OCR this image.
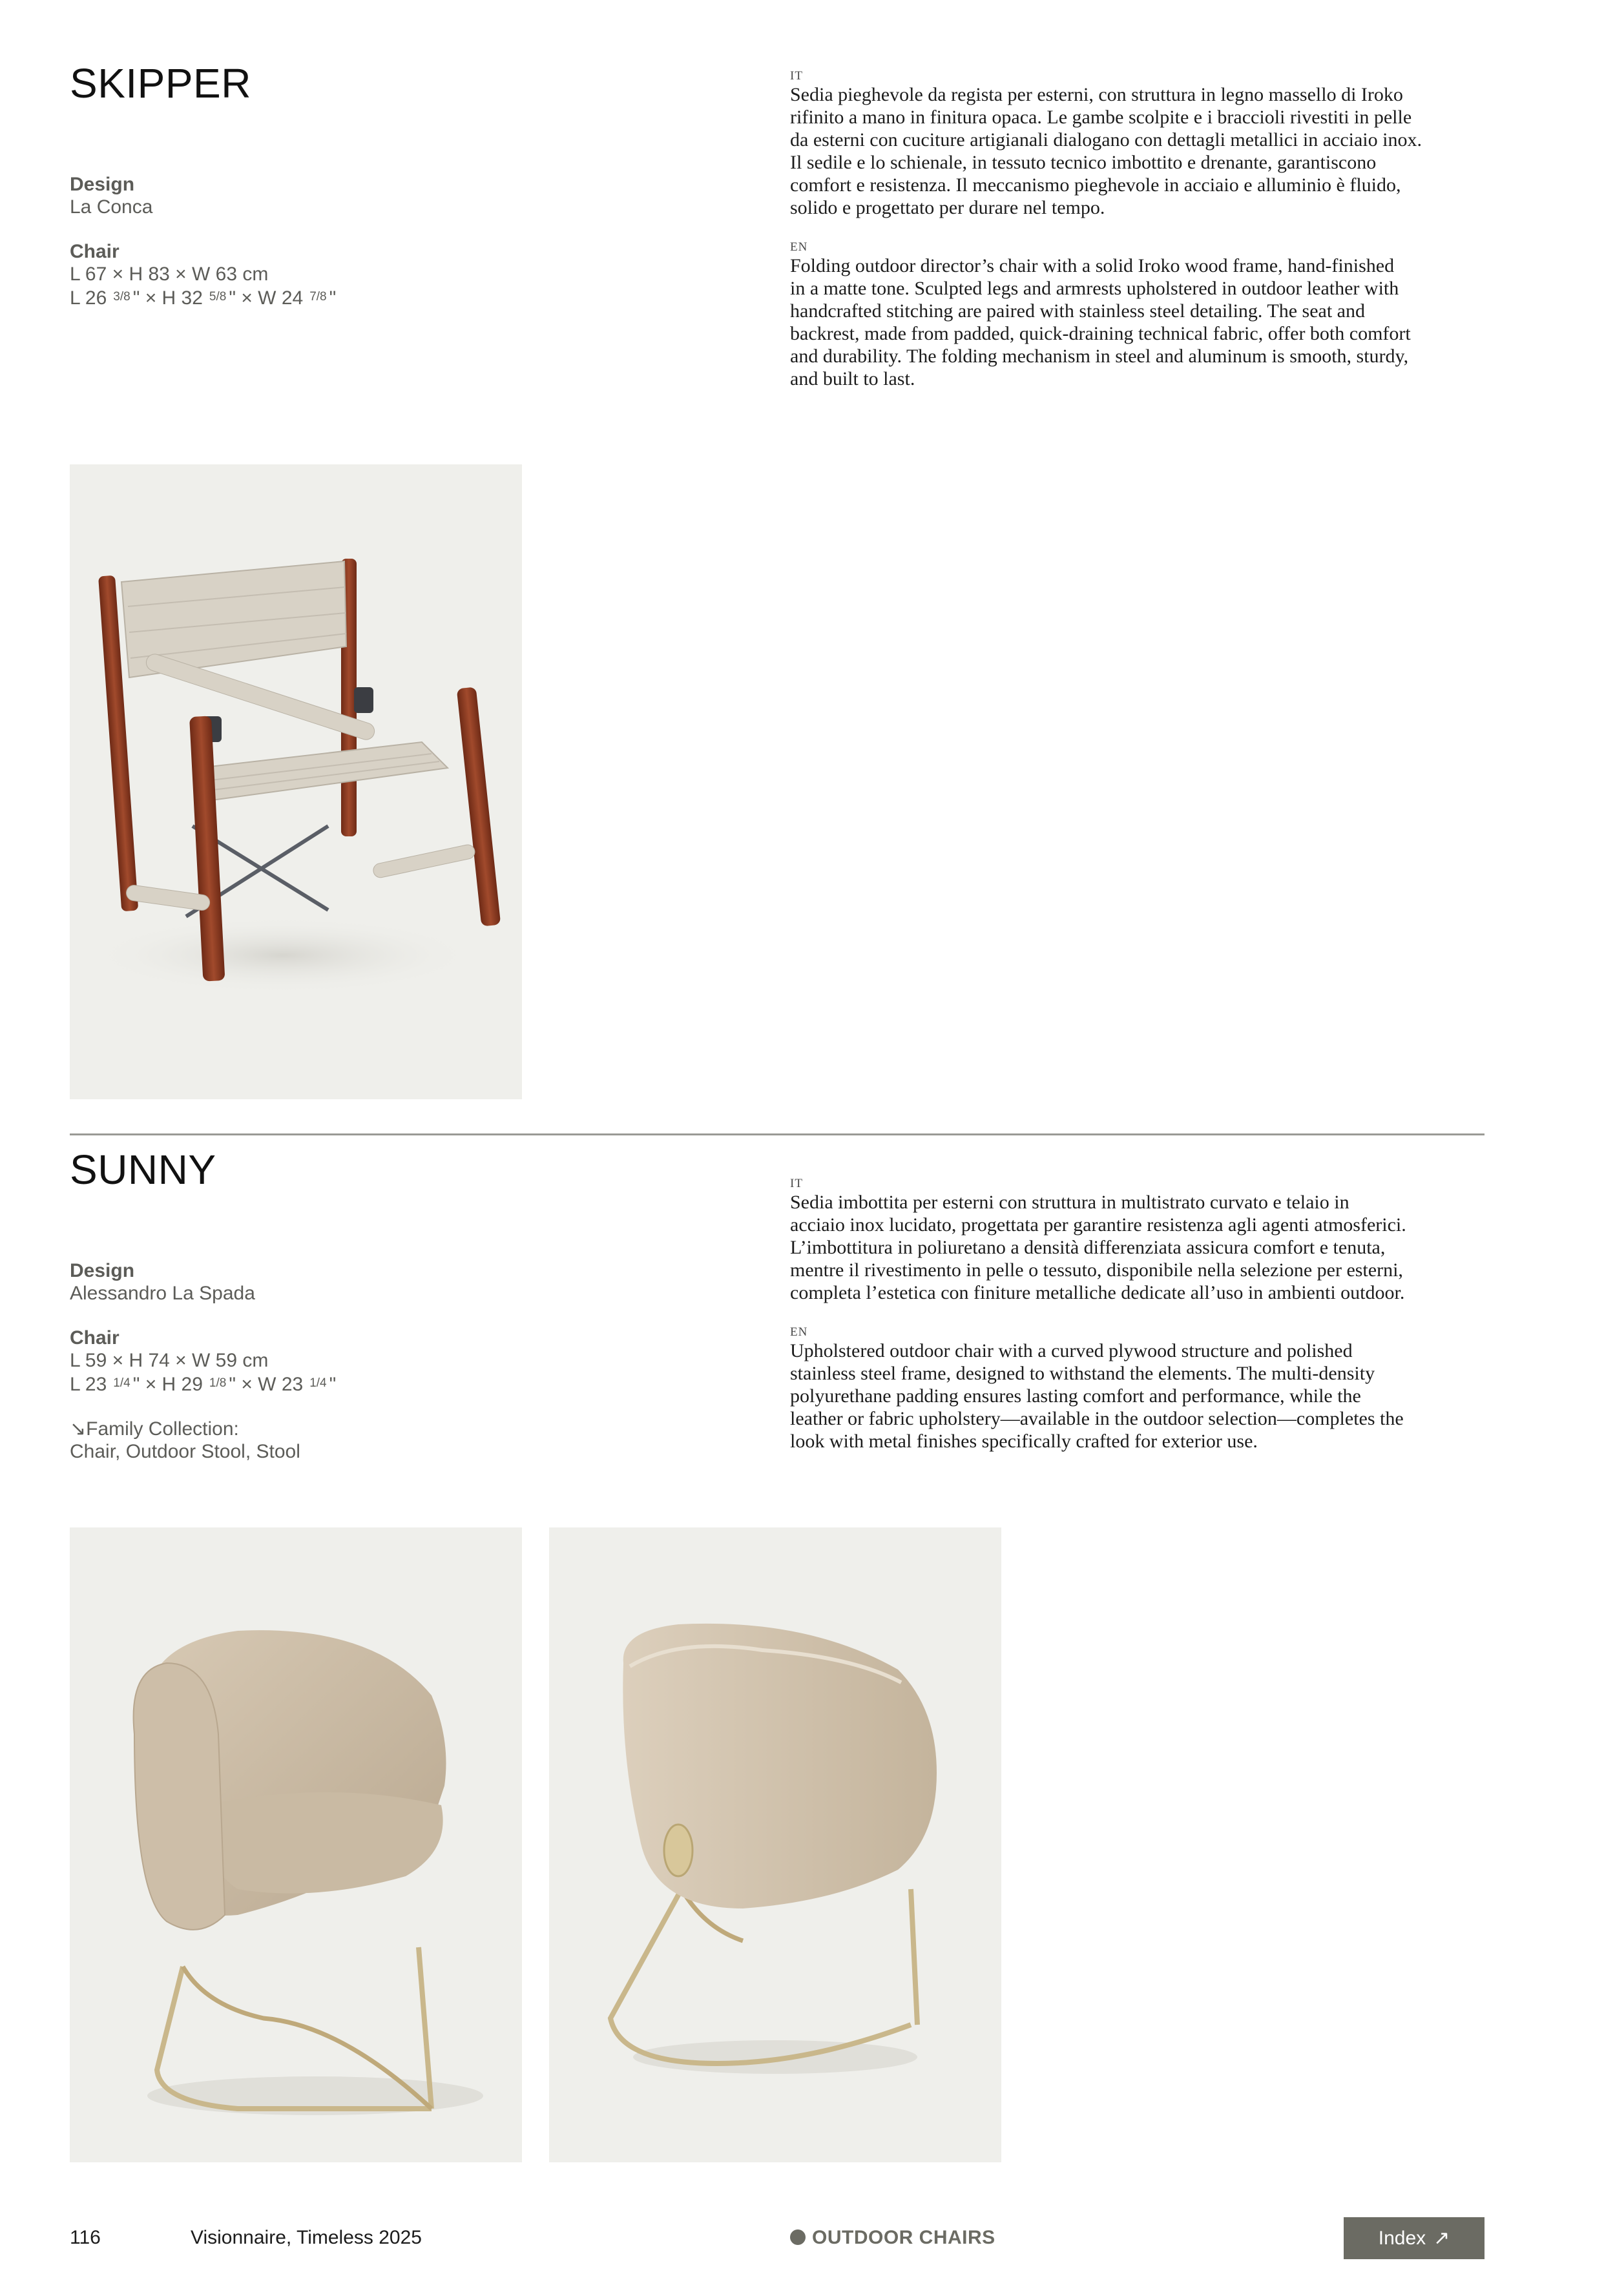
SKIPPER
Design
La Conca
Chair
L 67 × H 83 × W 63 cm
L 26 $^{3/8}$ " × H 32 $^{5/8}$ " × W 24 $^{7/8}$ "
IT

Sedia pieghevole da regista per esterni, con struttura in legno massello di Iroko

rifinito a mano in finitura opaca. Le gambe scolpite e i braccioli rivestiti in pelle

da esterni con cuciture artigianali dialogano con dettagli metallici in acciaio inox.

Il sedile e lo schienale, in tessuto tecnico imbottito e drenante, garantiscono

comfort e resistenza. Il meccanismo pieghevole in acciaio e alluminio è fluido,

solido e progettato per durare nel tempo.

EN

Folding outdoor director’s chair with a solid Iroko wood frame, hand-finished

in a matte tone. Sculpted legs and armrests upholstered in outdoor leather with

handcrafted stitching are paired with stainless steel detailing. The seat and

backrest, made from padded, quick-draining technical fabric, offer both comfort

and durability. The folding mechanism in steel and aluminum is smooth, sturdy,

and built to last.

SUNNY
Design
Alessandro La Spada
Chair
L 59 × H 74 × W 59 cm
L 23 $^{1/4}$ " × H 29 $^{1/8}$ " × W 23 $^{1/4}$ "
↘Family Collection:
Chair, Outdoor Stool, Stool
IT

Sedia imbottita per esterni con struttura in multistrato curvato e telaio in

acciaio inox lucidato, progettata per garantire resistenza agli agenti atmosferici.

L’imbottitura in poliuretano a densità differenziata assicura comfort e tenuta,

mentre il rivestimento in pelle o tessuto, disponibile nella selezione per esterni,

completa l’estetica con finiture metalliche dedicate all’uso in ambienti outdoor.

EN

Upholstered outdoor chair with a curved plywood structure and polished

stainless steel frame, designed to withstand the elements. The multi-density

polyurethane padding ensures lasting comfort and performance, while the

leather or fabric upholstery—available in the outdoor selection—completes the

look with metal finishes specifically crafted for exterior use.

116	Visionnaire, Timeless 2025	OUTDOOR CHAIRS	Index ↗
